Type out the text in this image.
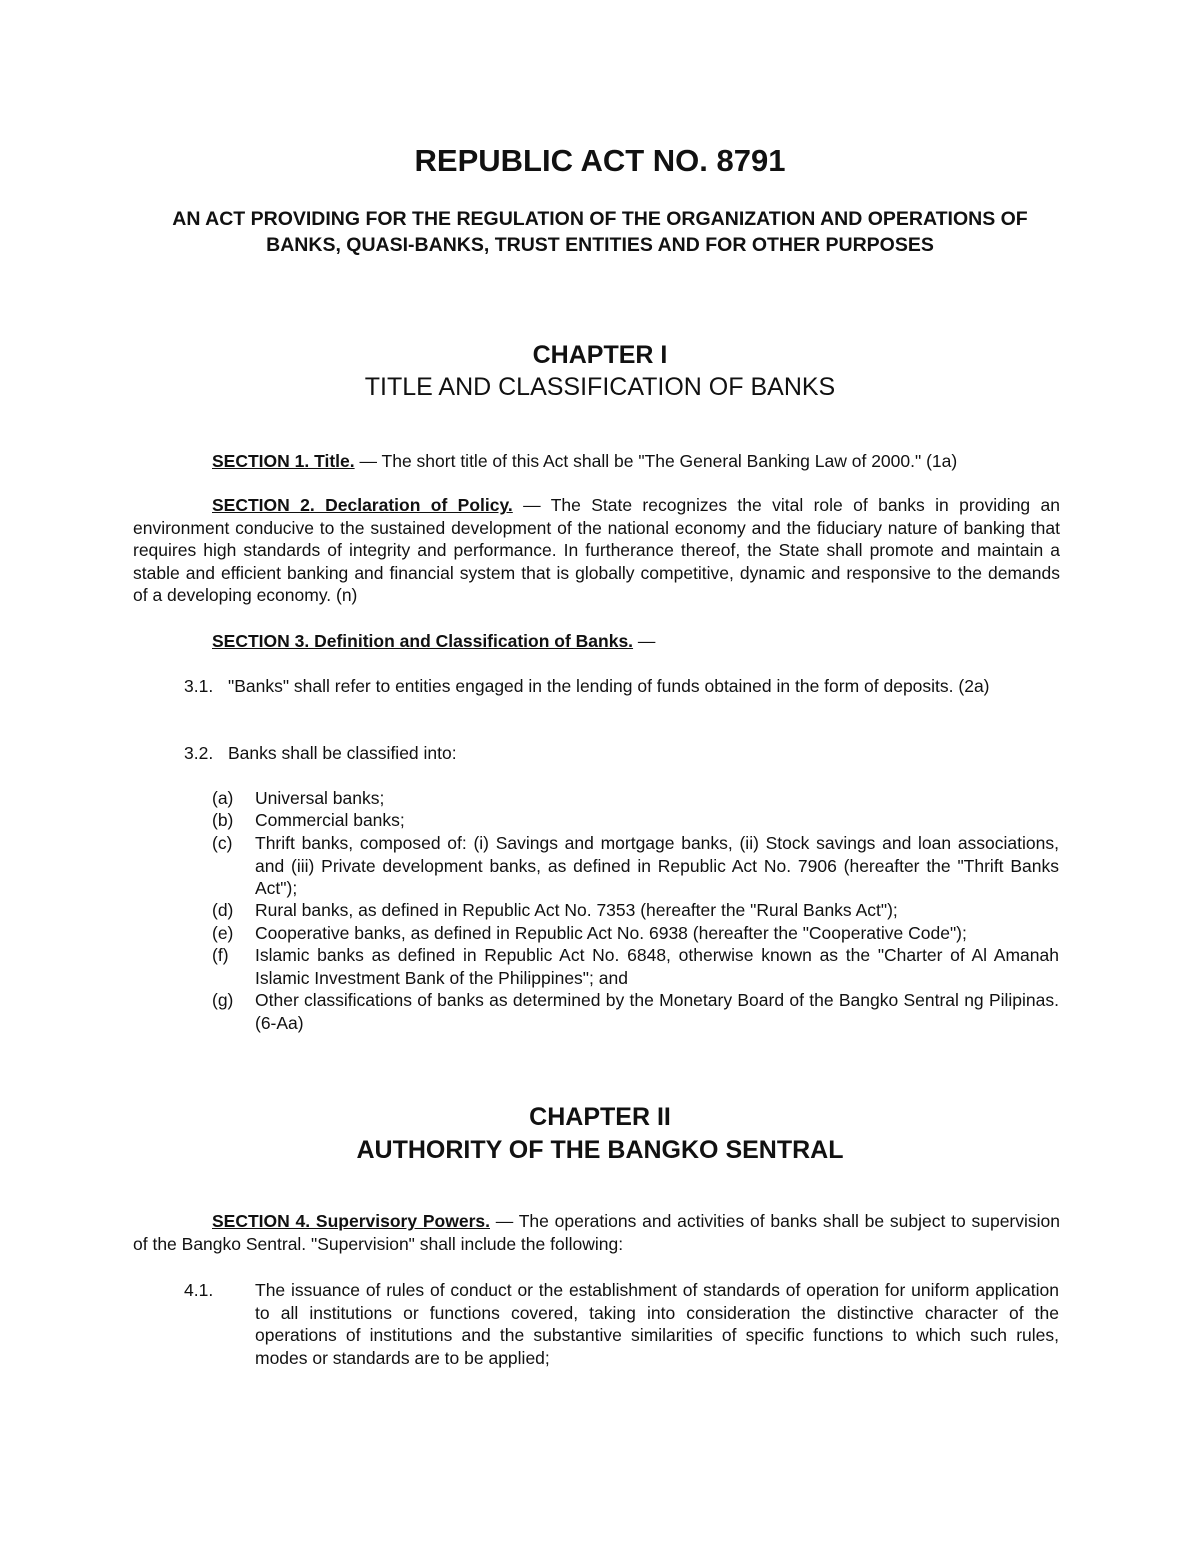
REPUBLIC ACT NO. 8791
AN ACT PROVIDING FOR THE REGULATION OF THE ORGANIZATION AND OPERATIONS OF BANKS, QUASI-BANKS, TRUST ENTITIES AND FOR OTHER PURPOSES
CHAPTER I
TITLE AND CLASSIFICATION OF BANKS
SECTION 1. Title. — The short title of this Act shall be "The General Banking Law of 2000." (1a)
SECTION 2. Declaration of Policy. — The State recognizes the vital role of banks in providing an environment conducive to the sustained development of the national economy and the fiduciary nature of banking that requires high standards of integrity and performance. In furtherance thereof, the State shall promote and maintain a stable and efficient banking and financial system that is globally competitive, dynamic and responsive to the demands of a developing economy. (n)
SECTION 3. Definition and Classification of Banks. —
3.1. "Banks" shall refer to entities engaged in the lending of funds obtained in the form of deposits. (2a)
3.2. Banks shall be classified into:
(a) Universal banks;
(b) Commercial banks;
(c) Thrift banks, composed of: (i) Savings and mortgage banks, (ii) Stock savings and loan associations, and (iii) Private development banks, as defined in Republic Act No. 7906 (hereafter the "Thrift Banks Act");
(d) Rural banks, as defined in Republic Act No. 7353 (hereafter the "Rural Banks Act");
(e) Cooperative banks, as defined in Republic Act No. 6938 (hereafter the "Cooperative Code");
(f) Islamic banks as defined in Republic Act No. 6848, otherwise known as the "Charter of Al Amanah Islamic Investment Bank of the Philippines"; and
(g) Other classifications of banks as determined by the Monetary Board of the Bangko Sentral ng Pilipinas. (6-Aa)
CHAPTER II
AUTHORITY OF THE BANGKO SENTRAL
SECTION 4. Supervisory Powers. — The operations and activities of banks shall be subject to supervision of the Bangko Sentral. "Supervision" shall include the following:
4.1.	The issuance of rules of conduct or the establishment of standards of operation for uniform application to all institutions or functions covered, taking into consideration the distinctive character of the operations of institutions and the substantive similarities of specific functions to which such rules, modes or standards are to be applied;
